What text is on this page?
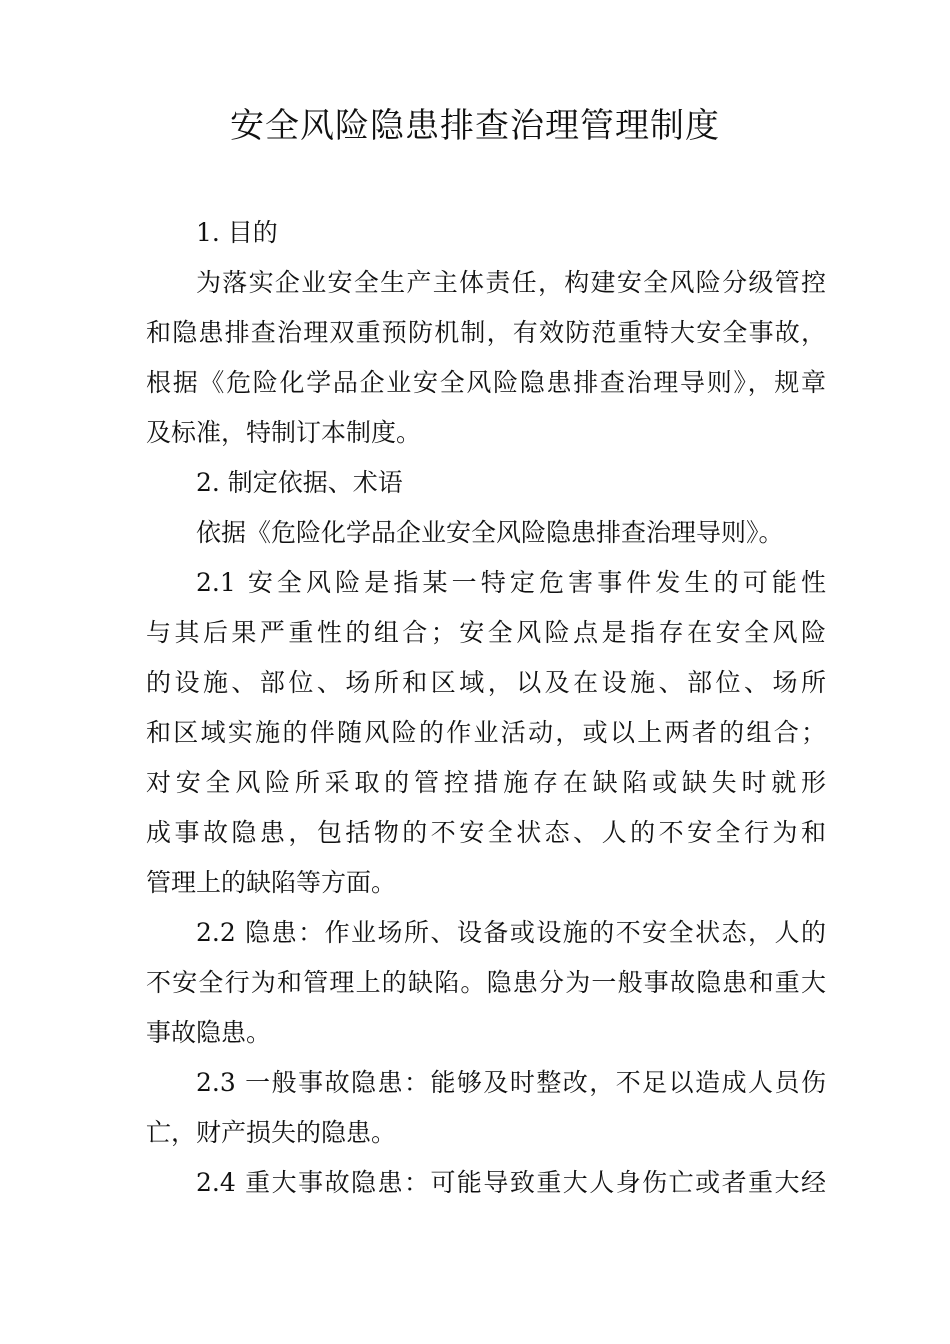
安全风险隐患排查治理管理制度

1. 目的

为落实企业安全生产主体责任，构建安全风险分级管控

和隐患排查治理双重预防机制，有效防范重特大安全事故，

根据《危险化学品企业安全风险隐患排查治理导则》，规章

及标准，特制订本制度。

2. 制定依据、术语

依据《危险化学品企业安全风险隐患排查治理导则》。

2.1 安全风险是指某一特定危害事件发生的可能性

与其后果严重性的组合；安全风险点是指存在安全风险

的设施、部位、场所和区域，以及在设施、部位、场所

和区域实施的伴随风险的作业活动，或以上两者的组合；

对安全风险所采取的管控措施存在缺陷或缺失时就形

成事故隐患，包括物的不安全状态、人的不安全行为和

管理上的缺陷等方面。

2.2 隐患：作业场所、设备或设施的不安全状态，人的

不安全行为和管理上的缺陷。隐患分为一般事故隐患和重大

事故隐患。

2.3 一般事故隐患：能够及时整改，不足以造成人员伤

亡，财产损失的隐患。

2.4 重大事故隐患：可能导致重大人身伤亡或者重大经
